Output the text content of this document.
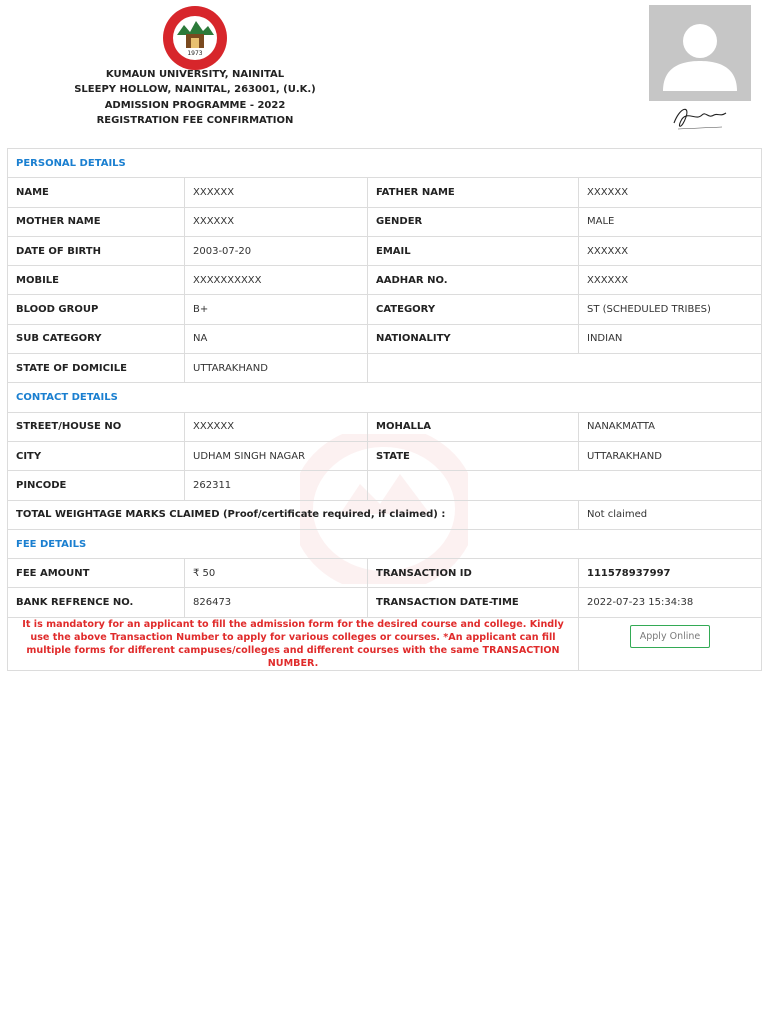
1973
KUMAUN UNIVERSITY, NAINITAL
SLEEPY HOLLOW, NAINITAL, 263001, (U.K.)
ADMISSION PROGRAMME - 2022
REGISTRATION FEE CONFIRMATION
PERSONAL DETAILS			
NAME	XXXXXX	FATHER NAME	XXXXXX
MOTHER NAME	XXXXXX	GENDER	MALE
DATE OF BIRTH	2003-07-20	EMAIL	XXXXXX
MOBILE	XXXXXXXXXX	AADHAR NO.	XXXXXX
BLOOD GROUP	B+	CATEGORY	ST (SCHEDULED TRIBES)
SUB CATEGORY	NA	NATIONALITY	INDIAN
STATE OF DOMICILE	UTTARAKHAND		
CONTACT DETAILS			
STREET/HOUSE NO	XXXXXX	MOHALLA	NANAKMATTA
CITY	UDHAM SINGH NAGAR	STATE	UTTARAKHAND
PINCODE	262311		
TOTAL WEIGHTAGE MARKS CLAIMED (Proof/certificate required, if claimed) :			Not claimed
FEE DETAILS			
FEE AMOUNT	₹ 50	TRANSACTION ID	111578937997
BANK REFRENCE NO.	826473	TRANSACTION DATE-TIME	2022-07-23 15:34:38
It is mandatory for an applicant to fill the admission form for the desired course and college. Kindly use the above Transaction Number to apply for various colleges or courses. *An applicant can fill multiple forms for different campuses/colleges and different courses with the same TRANSACTION NUMBER.			Apply Online
